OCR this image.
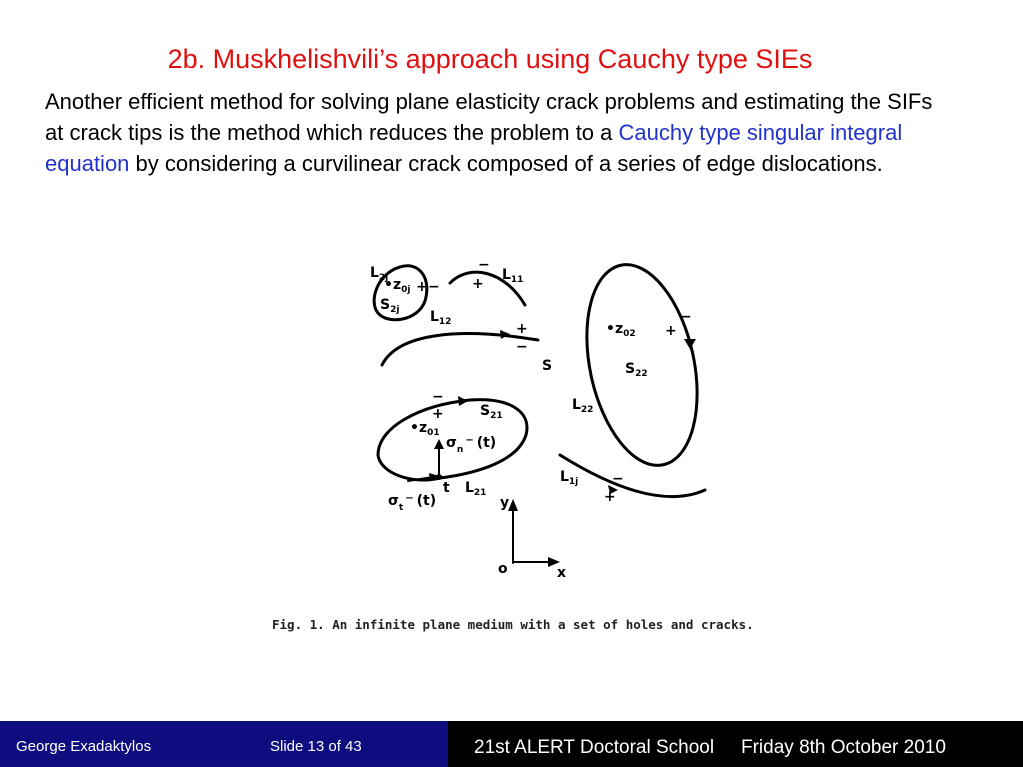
2b. Muskhelishvili’s approach using Cauchy type SIEs
Another efficient method for solving plane elasticity crack problems and estimating the SIFs at crack tips is the method which reduces the problem to a Cauchy type singular integral equation by considering a curvilinear crack composed of a series of edge dislocations.
$L_{2j}$
$•z_{0j}$
$S_{2j}$
+ −
$L_{11}$
−
+
$L_{12}$	+
−
S
$•z_{02}$
−
+
$S_{22}$
$L_{22}$
$S_{21}$
−
+
$•z_{01}$
$\sigma_n^-$ (t)
t $L_{21}$
$\sigma_t^-$ (t)
$L_{1j}$ −
+
y
x
o
Fig. 1. An infinite plane medium with a set of holes and cracks.
George Exadaktylos	Slide 13 of 43	21st ALERT Doctoral School Friday 8th October 2010
